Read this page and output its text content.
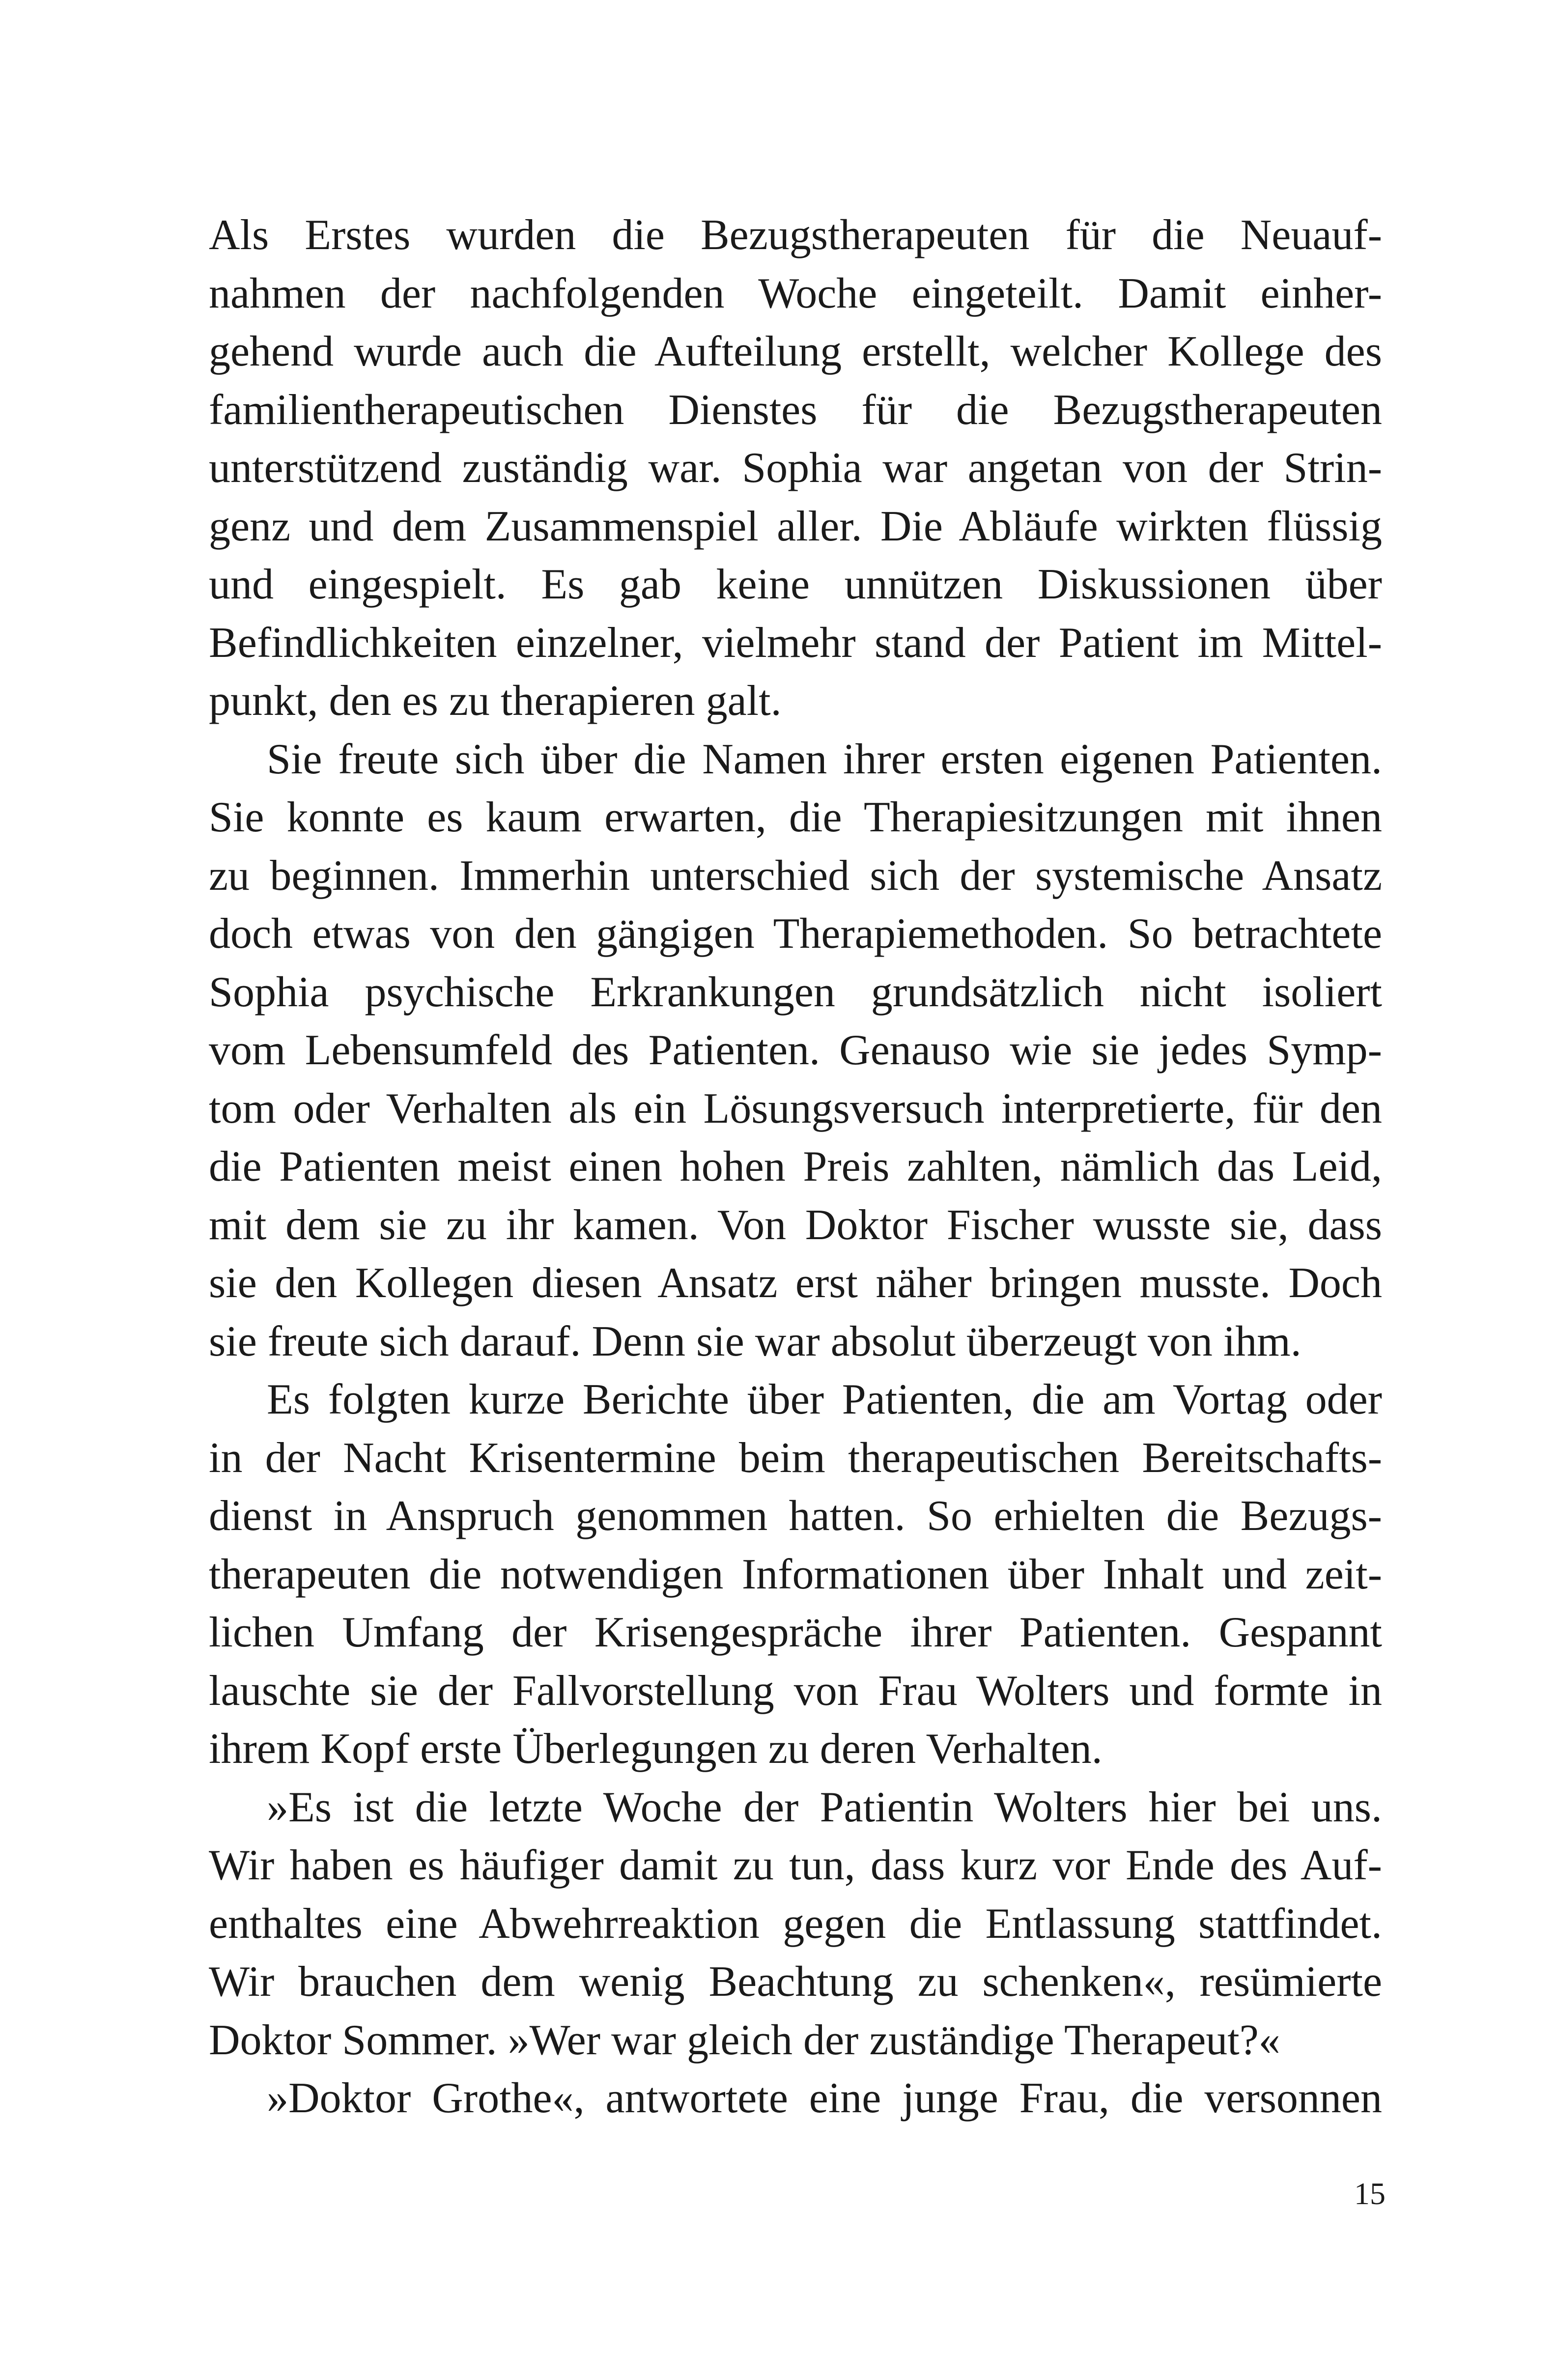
Als Erstes wurden die Bezugstherapeuten für die Neuauf-
nahmen der nachfolgenden Woche eingeteilt. Damit einher-
gehend wurde auch die Aufteilung erstellt, welcher Kollege des
familientherapeutischen Dienstes für die Bezugstherapeuten
unterstützend zuständig war. Sophia war angetan von der Strin-
genz und dem Zusammenspiel aller. Die Abläufe wirkten flüssig
und eingespielt. Es gab keine unnützen Diskussionen über
Befindlichkeiten einzelner, vielmehr stand der Patient im Mittel-
punkt, den es zu therapieren galt.
Sie freute sich über die Namen ihrer ersten eigenen Patienten.
Sie konnte es kaum erwarten, die Therapiesitzungen mit ihnen
zu beginnen. Immerhin unterschied sich der systemische Ansatz
doch etwas von den gängigen Therapiemethoden. So betrachtete
Sophia psychische Erkrankungen grundsätzlich nicht isoliert
vom Lebensumfeld des Patienten. Genauso wie sie jedes Symp-
tom oder Verhalten als ein Lösungsversuch interpretierte, für den
die Patienten meist einen hohen Preis zahlten, nämlich das Leid,
mit dem sie zu ihr kamen. Von Doktor Fischer wusste sie, dass
sie den Kollegen diesen Ansatz erst näher bringen musste. Doch
sie freute sich darauf. Denn sie war absolut überzeugt von ihm.
Es folgten kurze Berichte über Patienten, die am Vortag oder
in der Nacht Krisentermine beim therapeutischen Bereitschafts-
dienst in Anspruch genommen hatten. So erhielten die Bezugs-
therapeuten die notwendigen Informationen über Inhalt und zeit-
lichen Umfang der Krisengespräche ihrer Patienten. Gespannt
lauschte sie der Fallvorstellung von Frau Wolters und formte in
ihrem Kopf erste Überlegungen zu deren Verhalten.
»Es ist die letzte Woche der Patientin Wolters hier bei uns.
Wir haben es häufiger damit zu tun, dass kurz vor Ende des Auf-
enthaltes eine Abwehrreaktion gegen die Entlassung stattfindet.
Wir brauchen dem wenig Beachtung zu schenken«, resümierte
Doktor Sommer. »Wer war gleich der zuständige Therapeut?«
»Doktor Grothe«, antwortete eine junge Frau, die versonnen
15
